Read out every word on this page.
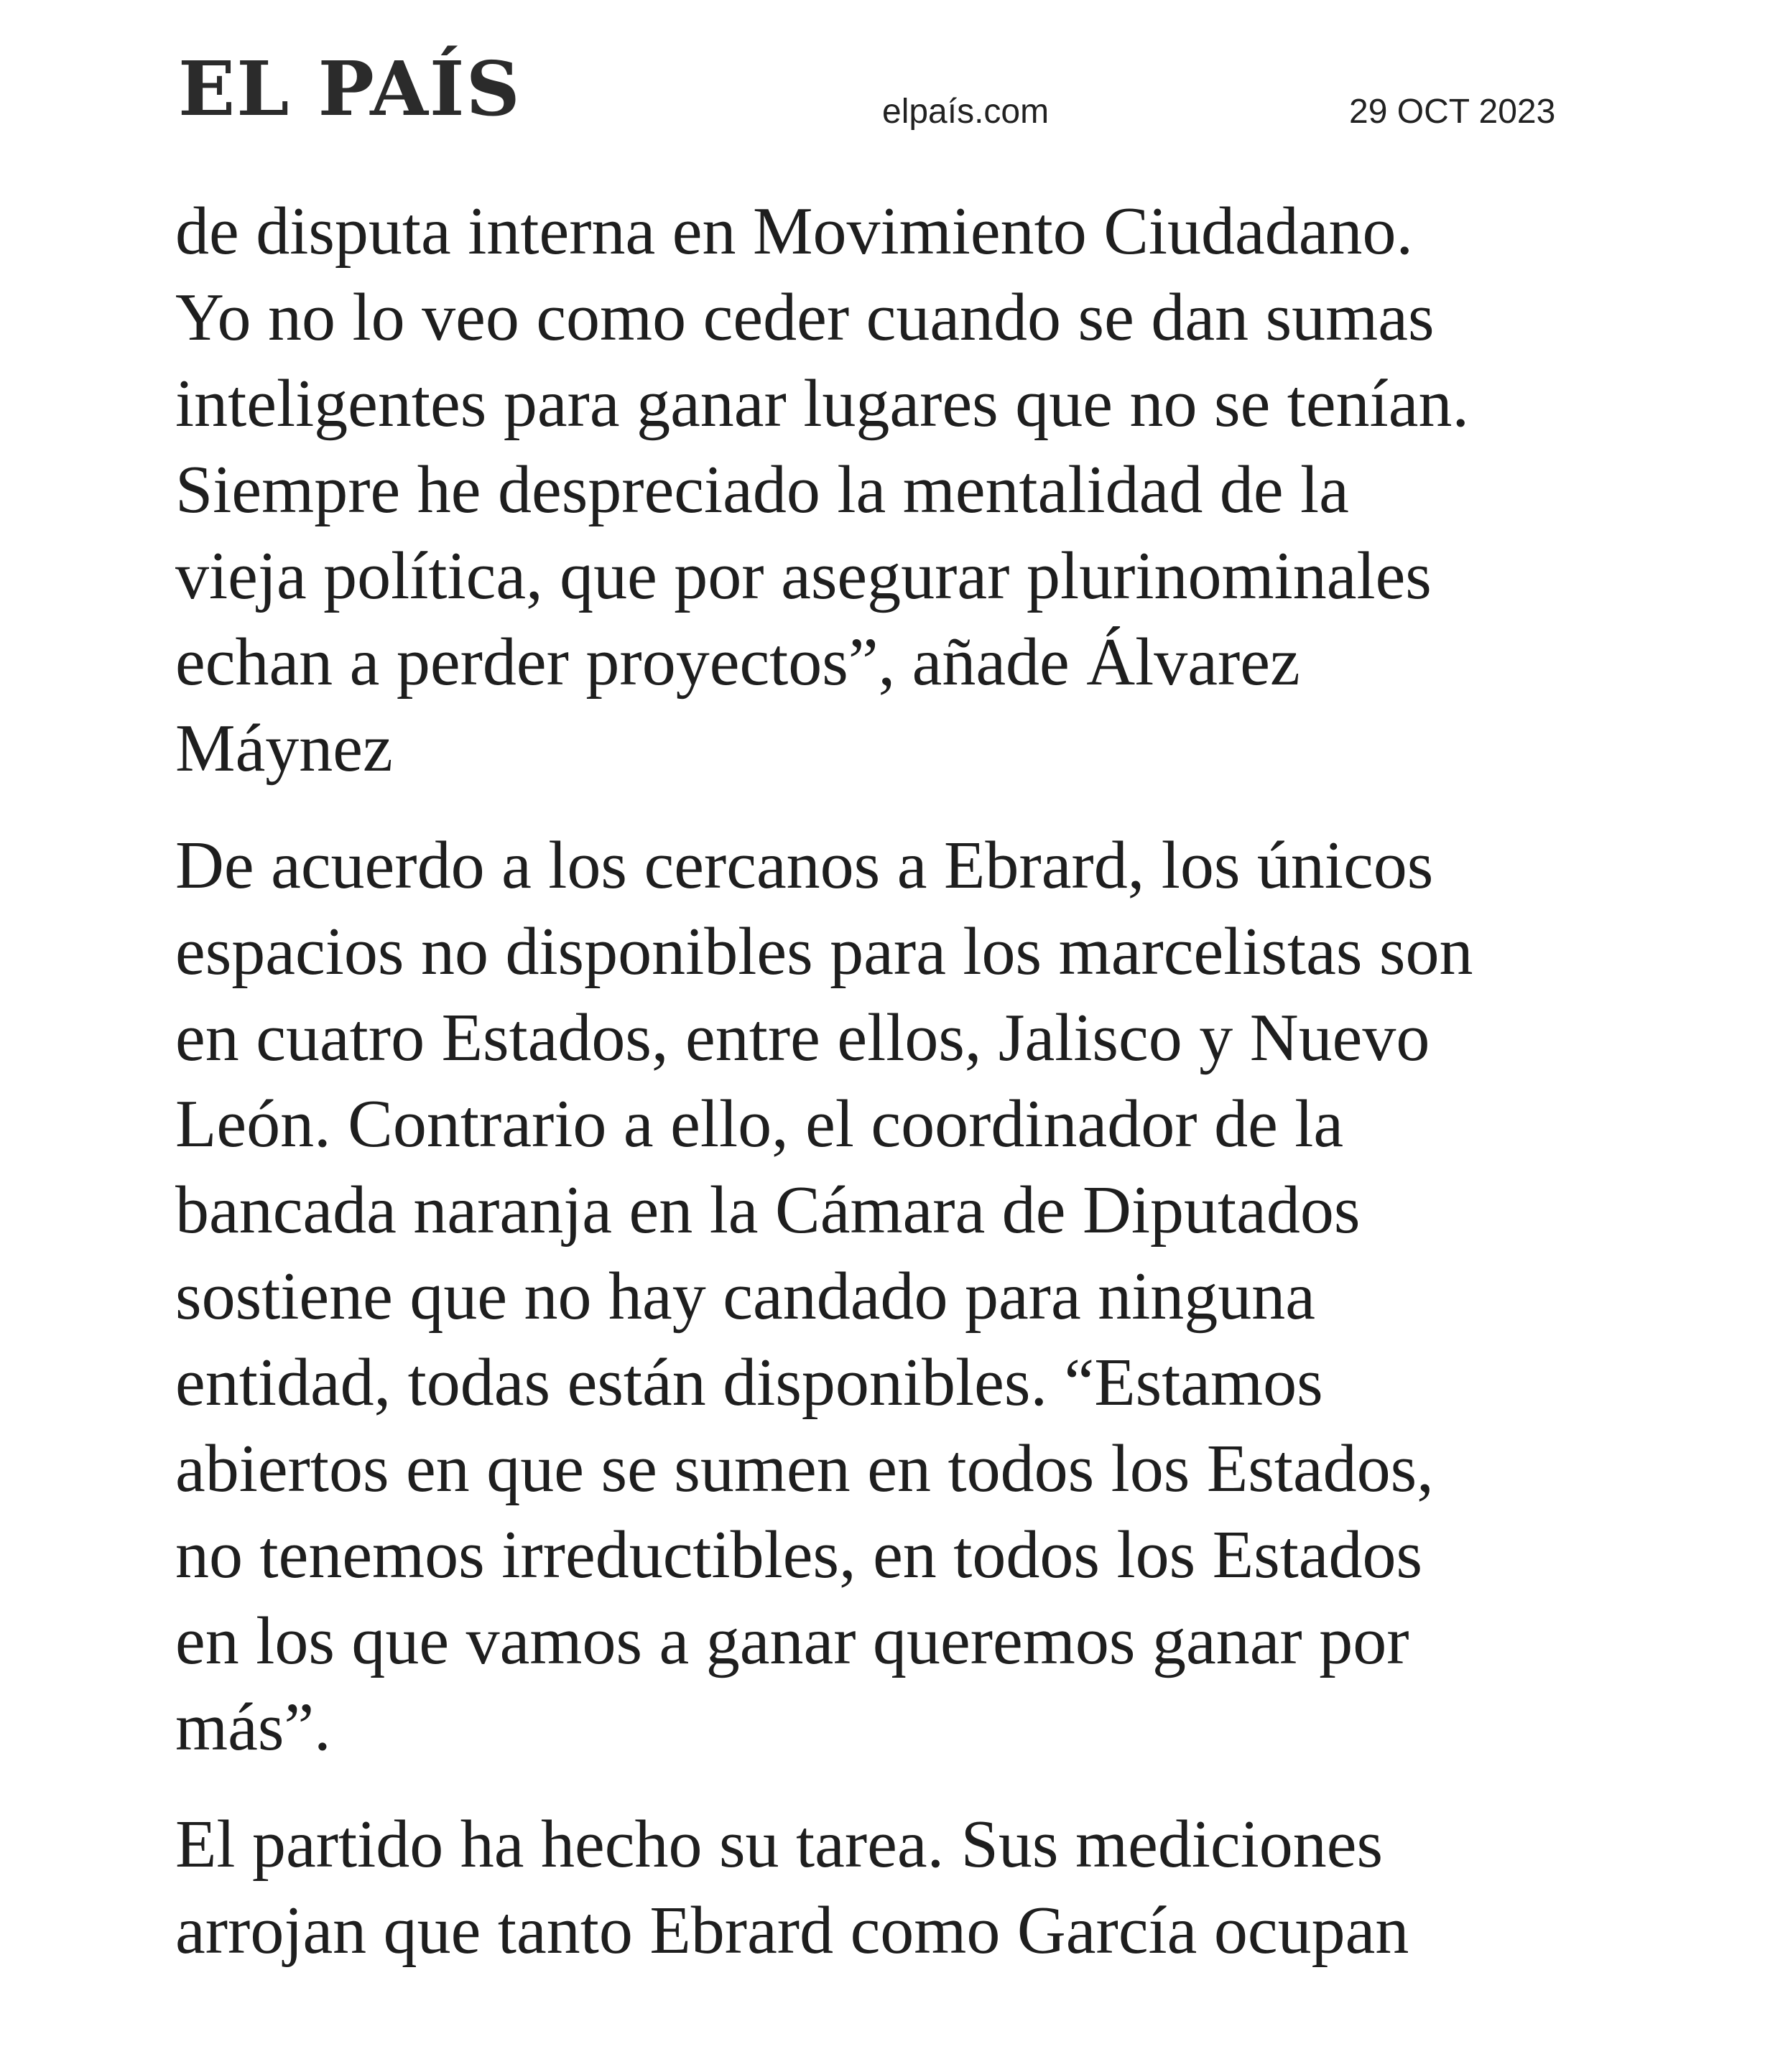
EL PAÍS	elpaís.com	29 OCT 2023

de disputa interna en Movimiento Ciudadano.
Yo no lo veo como ceder cuando se dan sumas
inteligentes para ganar lugares que no se tenían.
Siempre he despreciado la mentalidad de la
vieja política, que por asegurar plurinominales
echan a perder proyectos”, añade Álvarez
Máynez

De acuerdo a los cercanos a Ebrard, los únicos
espacios no disponibles para los marcelistas son
en cuatro Estados, entre ellos, Jalisco y Nuevo
León. Contrario a ello, el coordinador de la
bancada naranja en la Cámara de Diputados
sostiene que no hay candado para ninguna
entidad, todas están disponibles. “Estamos
abiertos en que se sumen en todos los Estados,
no tenemos irreductibles, en todos los Estados
en los que vamos a ganar queremos ganar por
más”.

El partido ha hecho su tarea. Sus mediciones
arrojan que tanto Ebrard como García ocupan
